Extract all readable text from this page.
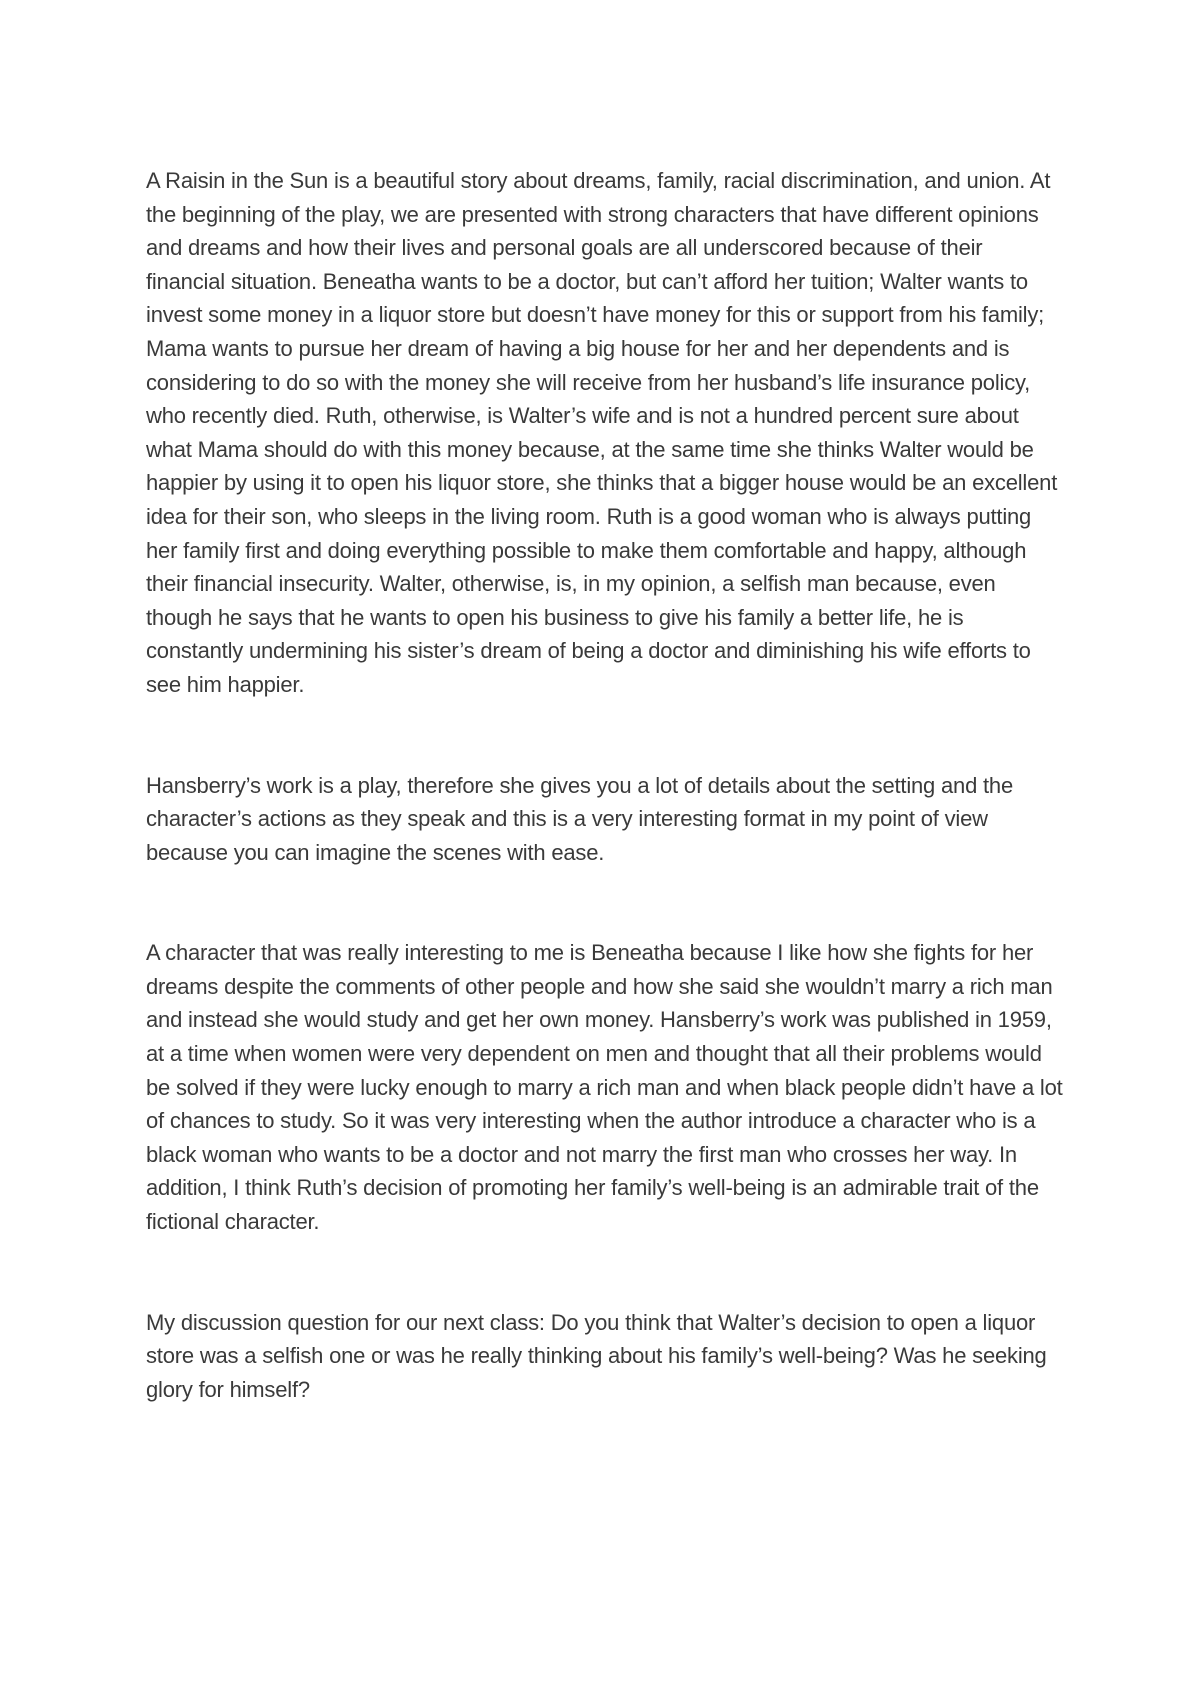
A Raisin in the Sun is a beautiful story about dreams, family, racial discrimination, and union. At the beginning of the play, we are presented with strong characters that have different opinions and dreams and how their lives and personal goals are all underscored because of their financial situation. Beneatha wants to be a doctor, but can’t afford her tuition; Walter wants to invest some money in a liquor store but doesn’t have money for this or support from his family; Mama wants to pursue her dream of having a big house for her and her dependents and is considering to do so with the money she will receive from her husband’s life insurance policy, who recently died. Ruth, otherwise, is Walter’s wife and is not a hundred percent sure about what Mama should do with this money because, at the same time she thinks Walter would be happier by using it to open his liquor store, she thinks that a bigger house would be an excellent idea for their son, who sleeps in the living room. Ruth is a good woman who is always putting her family first and doing everything possible to make them comfortable and happy, although their financial insecurity. Walter, otherwise, is, in my opinion, a selfish man because, even though he says that he wants to open his business to give his family a better life, he is constantly undermining his sister’s dream of being a doctor and diminishing his wife efforts to see him happier.

Hansberry’s work is a play, therefore she gives you a lot of details about the setting and the character’s actions as they speak and this is a very interesting format in my point of view because you can imagine the scenes with ease.

A character that was really interesting to me is Beneatha because I like how she fights for her dreams despite the comments of other people and how she said she wouldn’t marry a rich man and instead she would study and get her own money. Hansberry’s work was published in 1959, at a time when women were very dependent on men and thought that all their problems would be solved if they were lucky enough to marry a rich man and when black people didn’t have a lot of chances to study. So it was very interesting when the author introduce a character who is a black woman who wants to be a doctor and not marry the first man who crosses her way. In addition, I think Ruth’s decision of promoting her family’s well-being is an admirable trait of the fictional character.

My discussion question for our next class: Do you think that Walter’s decision to open a liquor store was a selfish one or was he really thinking about his family’s well-being? Was he seeking glory for himself?
